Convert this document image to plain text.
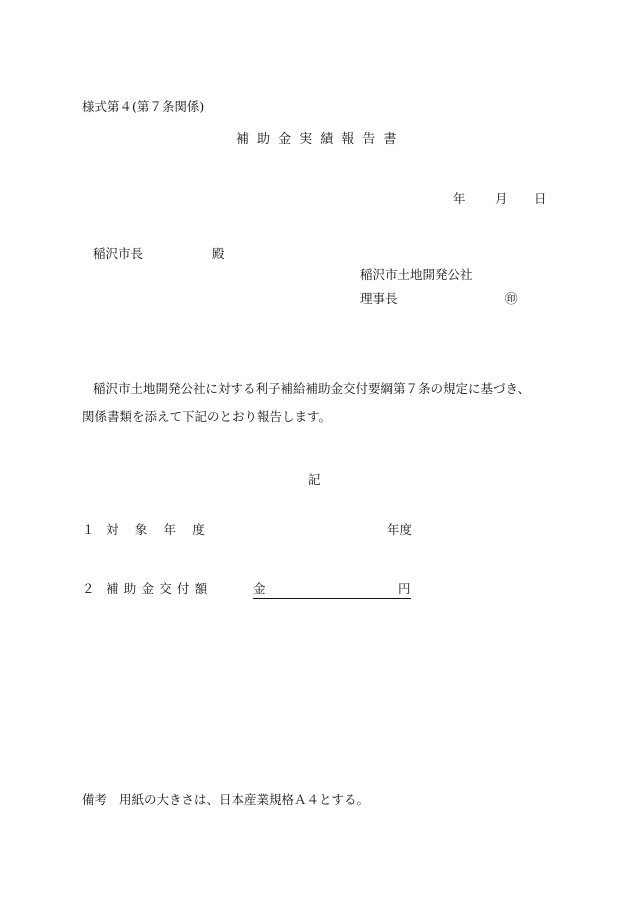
様式第４(第７条関係)
補助金実績報告書
年 月 日
稲沢市長	殿
稲沢市土地開発公社
理事長	㊞
稲沢市土地開発公社に対する利子補給補助金交付要綱第７条の規定に基づき、
関係書類を添えて下記のとおり報告します。
記
１ 対象年度	年度
２ 補助金交付額	金	円
備考 用紙の大きさは、日本産業規格Ａ４とする。
